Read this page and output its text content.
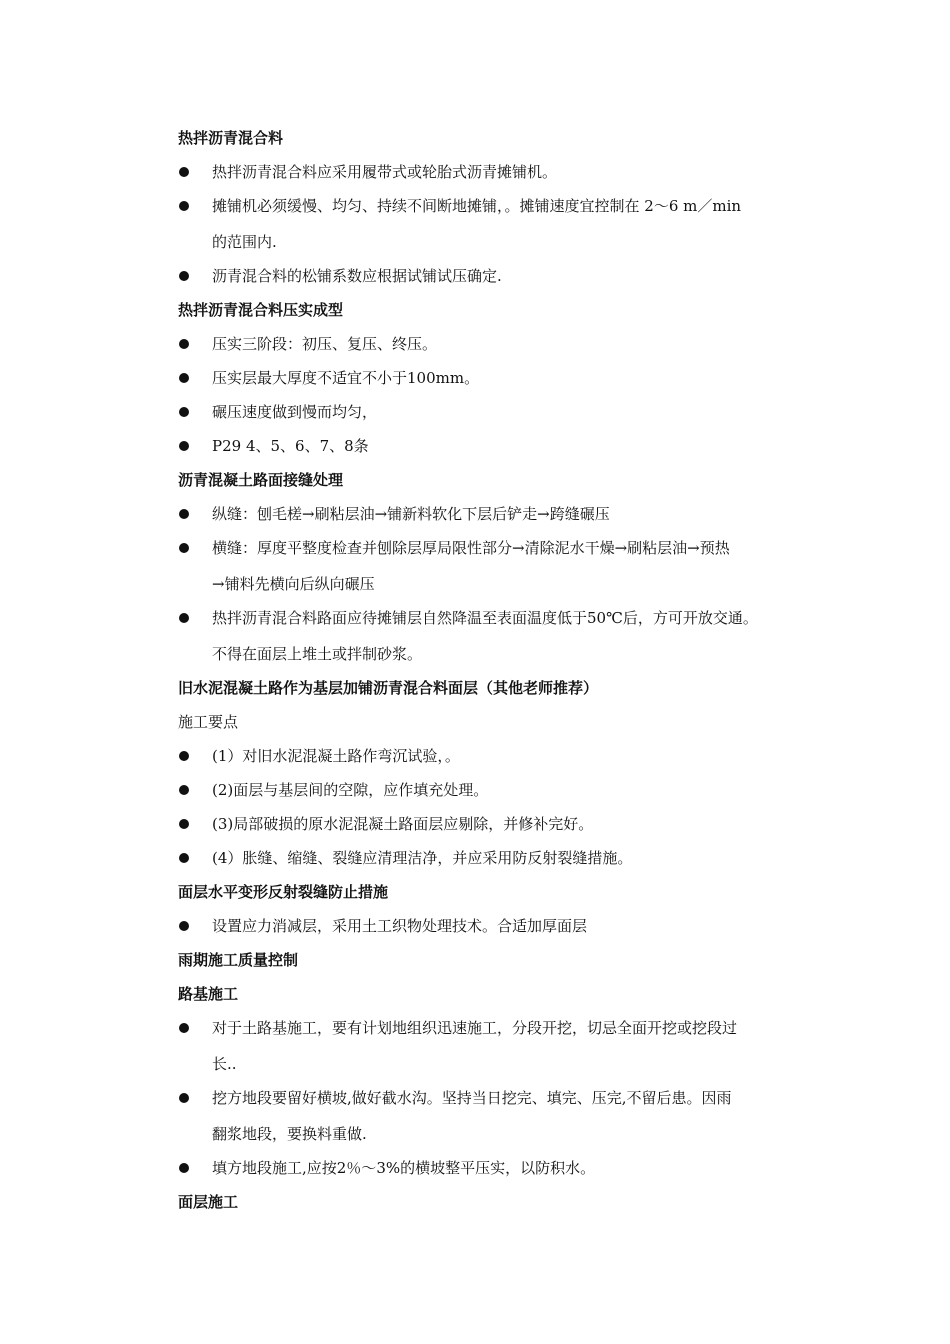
热拌沥青混合料
热拌沥青混合料应采用履带式或轮胎式沥青摊铺机。
摊铺机必须缓慢、均匀、持续不间断地摊铺，。摊铺速度宜控制在 2～6 m／min
的范围内.
沥青混合料的松铺系数应根据试铺试压确定.
热拌沥青混合料压实成型
压实三阶段：初压、复压、终压。
压实层最大厚度不适宜不小于100mm。
碾压速度做到慢而均匀，
P29 4、5、6、7、8条
沥青混凝土路面接缝处理
纵缝：刨毛槎→刷粘层油→铺新料软化下层后铲走→跨缝碾压
横缝：厚度平整度检查并刨除层厚局限性部分→清除泥水干燥→刷粘层油→预热
→铺料先横向后纵向碾压
热拌沥青混合料路面应待摊铺层自然降温至表面温度低于50℃后，方可开放交通。
不得在面层上堆土或拌制砂浆。
旧水泥混凝土路作为基层加铺沥青混合料面层（其他老师推荐）
施工要点
(1）对旧水泥混凝土路作弯沉试验，。
(2)面层与基层间的空隙，应作填充处理。
(3)局部破损的原水泥混凝土路面层应剔除，并修补完好。
(4）胀缝、缩缝、裂缝应清理洁净，并应采用防反射裂缝措施。
面层水平变形反射裂缝防止措施
设置应力消减层，采用土工织物处理技术。合适加厚面层
雨期施工质量控制
路基施工
对于土路基施工，要有计划地组织迅速施工，分段开挖，切忌全面开挖或挖段过
长..
挖方地段要留好横坡,做好截水沟。坚持当日挖完、填完、压完,不留后患。因雨
翻浆地段，要换料重做.
填方地段施工,应按2％～3%的横坡整平压实，以防积水。
面层施工
